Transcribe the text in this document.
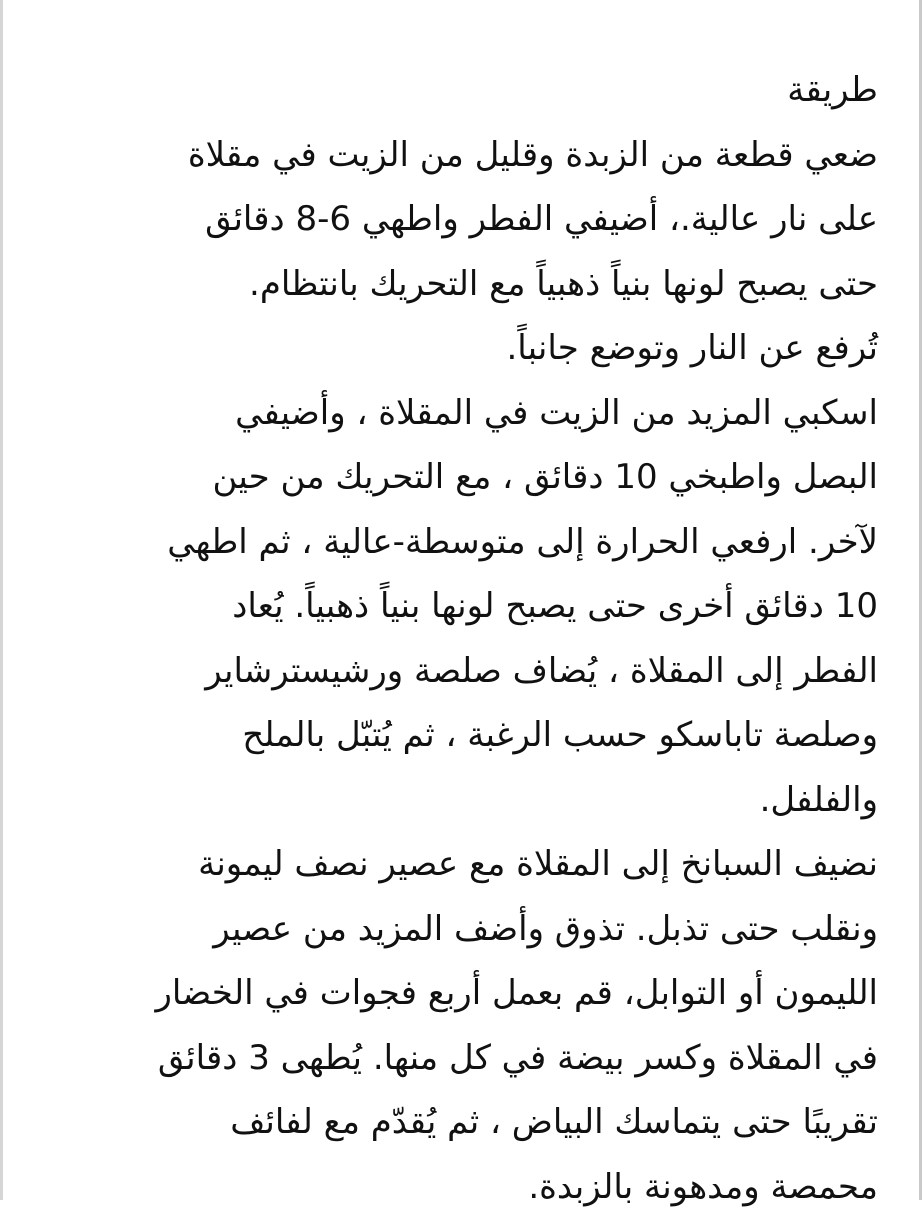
طريقة
ضعي قطعة من الزبدة وقليل من الزيت في مقلاة
على نار عالية.، أضيفي الفطر واطهي 6-8 دقائق
حتى يصبح لونها بنياً ذهبياً مع التحريك بانتظام.
تُرفع عن النار وتوضع جانباً.
اسكبي المزيد من الزيت في المقلاة ، وأضيفي
البصل واطبخي 10 دقائق ، مع التحريك من حين
لآخر. ارفعي الحرارة إلى متوسطة-عالية ، ثم اطهي
10 دقائق أخرى حتى يصبح لونها بنياً ذهبياً. يُعاد
الفطر إلى المقلاة ، يُضاف صلصة ورشيسترشاير
وصلصة تاباسكو حسب الرغبة ، ثم يُتبّل بالملح
والفلفل.
نضيف السبانخ إلى المقلاة مع عصير نصف ليمونة
ونقلب حتى تذبل. تذوق وأضف المزيد من عصير
الليمون أو التوابل، قم بعمل أربع فجوات في الخضار
في المقلاة وكسر بيضة في كل منها. يُطهى 3 دقائق
تقريبًا حتى يتماسك البياض ، ثم يُقدّم مع لفائف
محمصة ومدهونة بالزبدة.
